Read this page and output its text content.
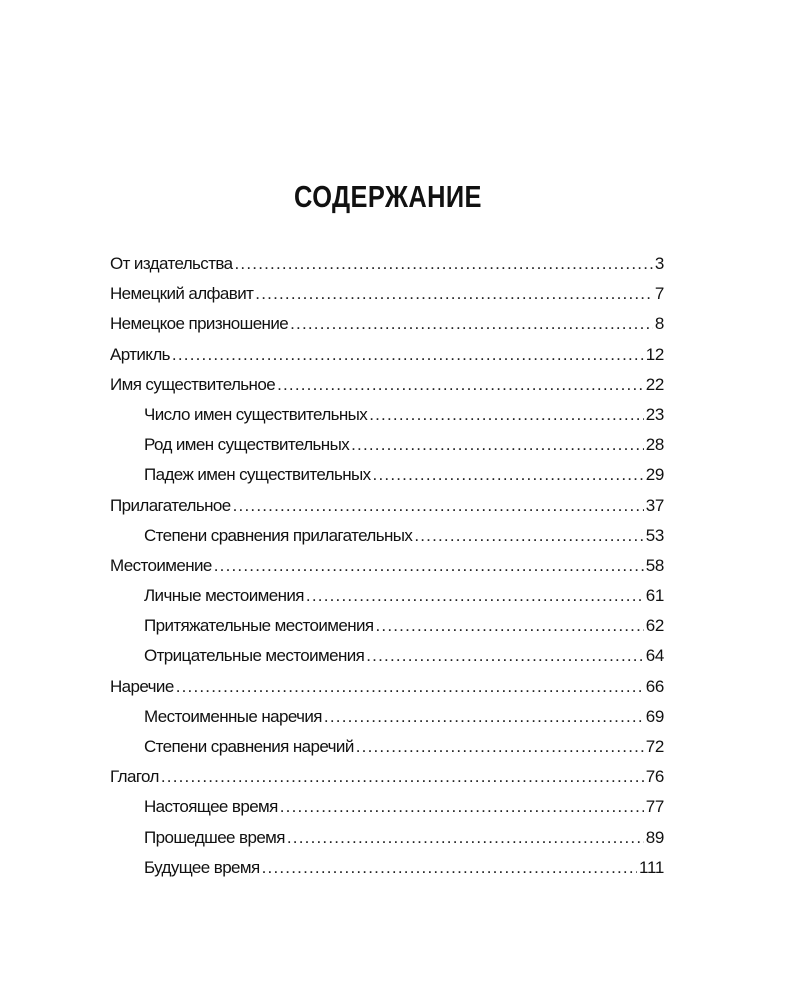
СОДЕРЖАНИЕ
От издательства .....	3
Немецкий алфавит .....	7
Немецкое призношение .....	8
Артикль .....	12
Имя существительное .....	22
Число имен существительных .....	23
Род имен существительных .....	28
Падеж имен существительных .....	29
Прилагательное .....	37
Степени сравнения прилагательных .....	53
Местоимение .....	58
Личные местоимения .....	61
Притяжательные местоимения .....	62
Отрицательные местоимения .....	64
Наречие .....	66
Местоименные наречия .....	69
Степени сравнения наречий .....	72
Глагол .....	76
Настоящее время .....	77
Прошедшее время .....	89
Будущее время .....	111
